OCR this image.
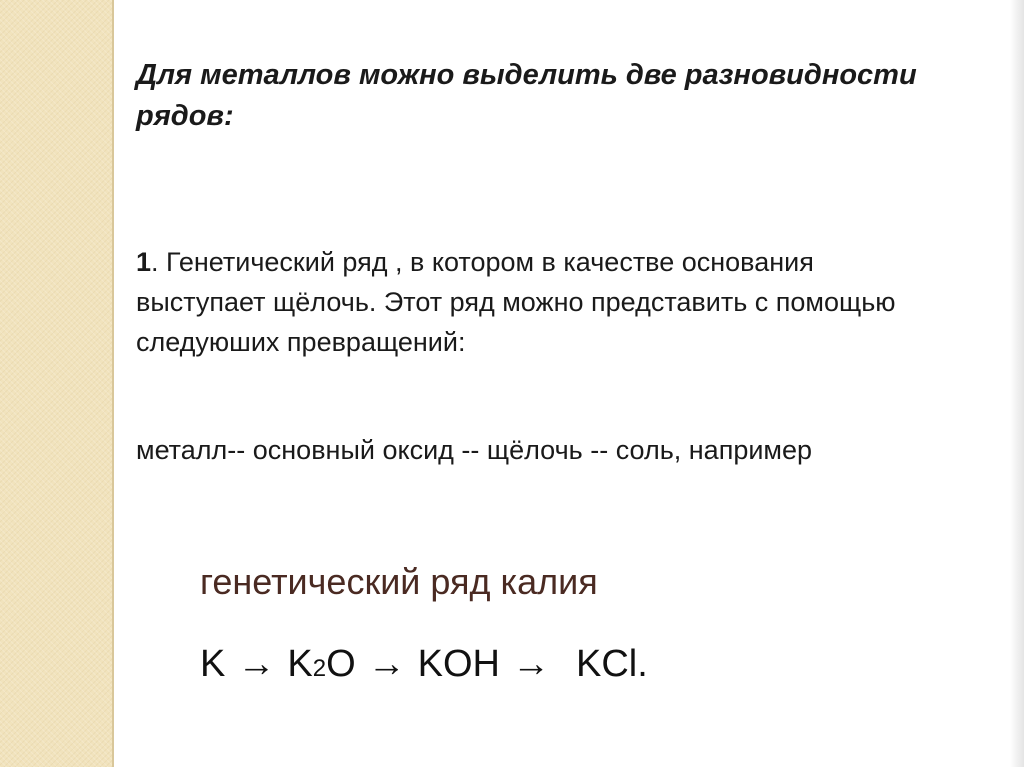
Для металлов можно выделить две разновидности рядов:

1. Генетический ряд , в котором в качестве основания выступает щёлочь. Этот ряд можно представить с помощью следуюших превращений:

металл-- основный оксид -- щёлочь -- соль, например

генетический ряд калия

K → K2O → KOH → KCl.
